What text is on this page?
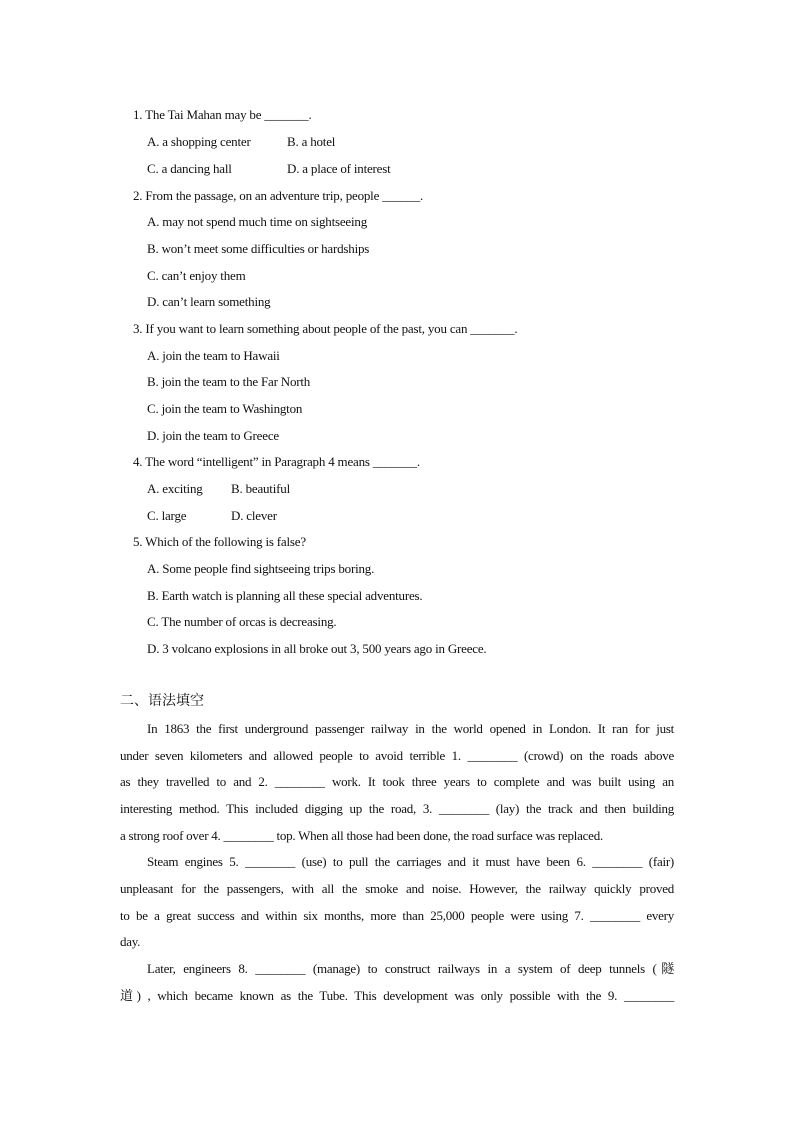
1. The Tai Mahan may be _______.
A. a shopping center	B. a hotel
C. a dancing hall	D. a place of interest
2. From the passage, on an adventure trip, people ______.
A. may not spend much time on sightseeing
B. won’t meet some difficulties or hardships
C. can’t enjoy them
D. can’t learn something
3. If you want to learn something about people of the past, you can _______.
A. join the team to Hawaii
B. join the team to the Far North
C. join the team to Washington
D. join the team to Greece
4. The word “intelligent” in Paragraph 4 means _______.
A. exciting B. beautiful
C. large	D. clever
5. Which of the following is false?
A. Some people find sightseeing trips boring.
B. Earth watch is planning all these special adventures.
C. The number of orcas is decreasing.
D. 3 volcano explosions in all broke out 3, 500 years ago in Greece.
二、语法填空
In 1863 the first underground passenger railway in the world opened in London. It ran for just
under seven kilometers and allowed people to avoid terrible 1. ________ (crowd) on the roads above
as they travelled to and 2. ________ work. It took three years to complete and was built using an
interesting method. This included digging up the road, 3. ________ (lay) the track and then building
a strong roof over 4. ________ top. When all those had been done, the road surface was replaced.
Steam engines 5. ________ (use) to pull the carriages and it must have been 6. ________ (fair)
unpleasant for the passengers, with all the smoke and noise. However, the railway quickly proved
to be a great success and within six months, more than 25,000 people were using 7. ________ every
day.
Later, engineers 8. ________ (manage) to construct railways in a system of deep tunnels (隧
道) , which became known as the Tube. This development was only possible with the 9. ________
